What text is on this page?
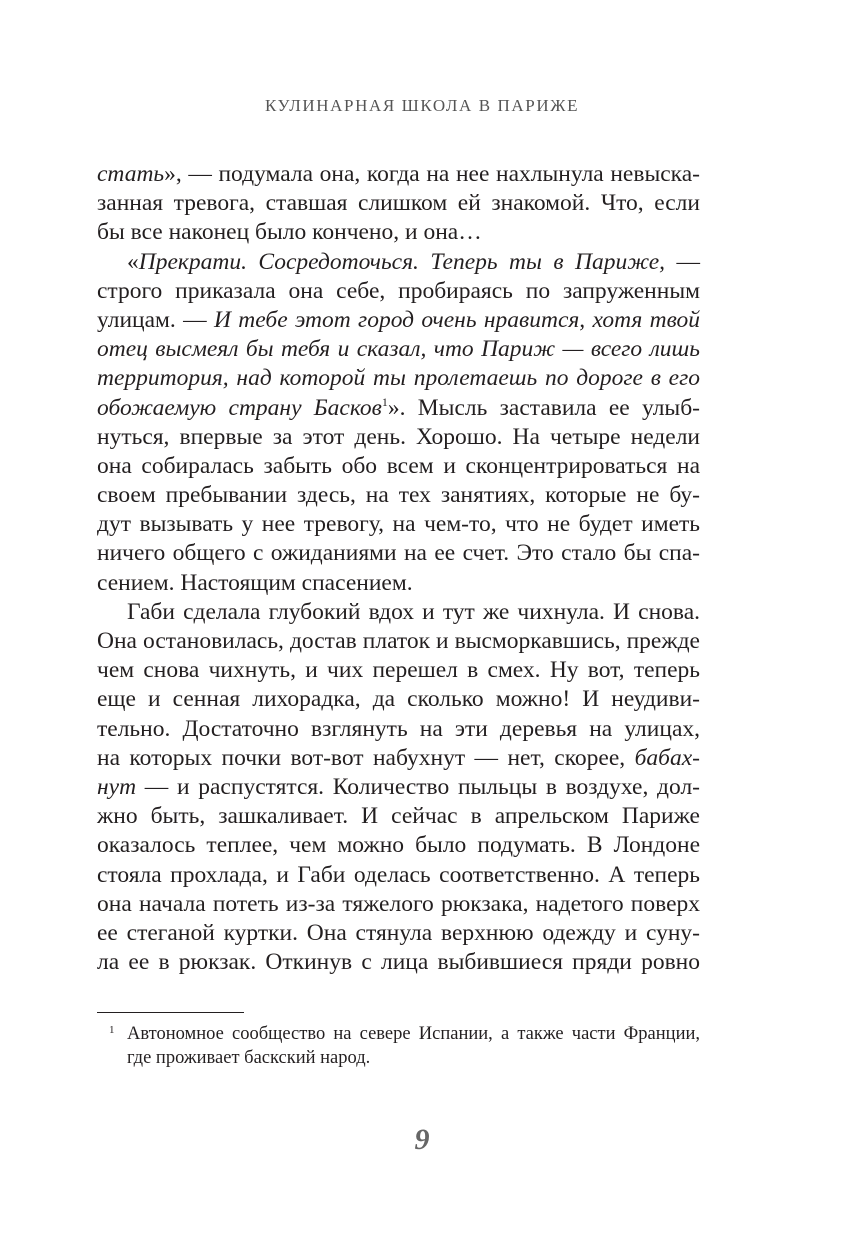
КУЛИНАРНАЯ ШКОЛА В ПАРИЖЕ
стать», — подумала она, когда на нее нахлынула невыска-
занная тревога, ставшая слишком ей знакомой. Что, если
бы все наконец было кончено, и она…
«Прекрати. Сосредоточься. Теперь ты в Париже, —
строго приказала она себе, пробираясь по запруженным
улицам. — И тебе этот город очень нравится, хотя твой
отец высмеял бы тебя и сказал, что Париж — всего лишь
территория, над которой ты пролетаешь по дороге в его
обожаемую страну Басков$^1$». Мысль заставила ее улыб-
нуться, впервые за этот день. Хорошо. На четыре недели
она собиралась забыть обо всем и сконцентрироваться на
своем пребывании здесь, на тех занятиях, которые не бу-
дут вызывать у нее тревогу, на чем-то, что не будет иметь
ничего общего с ожиданиями на ее счет. Это стало бы спа-
сением. Настоящим спасением.
Габи сделала глубокий вдох и тут же чихнула. И снова.
Она остановилась, достав платок и высморкавшись, прежде
чем снова чихнуть, и чих перешел в смех. Ну вот, теперь
еще и сенная лихорадка, да сколько можно! И неудиви-
тельно. Достаточно взглянуть на эти деревья на улицах,
на которых почки вот-вот набухнут — нет, скорее, бабах-
нут — и распустятся. Количество пыльцы в воздухе, дол-
жно быть, зашкаливает. И сейчас в апрельском Париже
оказалось теплее, чем можно было подумать. В Лондоне
стояла прохлада, и Габи оделась соответственно. А теперь
она начала потеть из-за тяжелого рюкзака, надетого поверх
ее стеганой куртки. Она стянула верхнюю одежду и суну-
ла ее в рюкзак. Откинув с лица выбившиеся пряди ровно
1 Автономное сообщество на севере Испании, а также части Франции,
где проживает баскский народ.
9
